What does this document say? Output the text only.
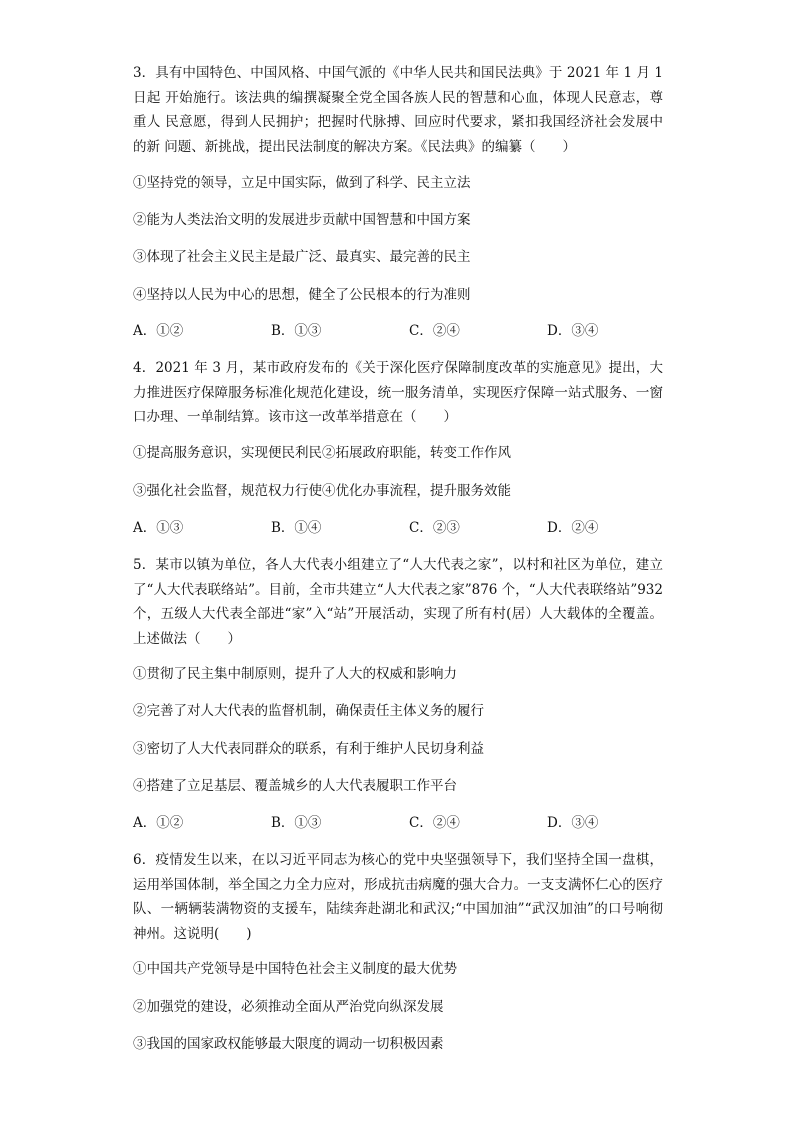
3．具有中国特色、中国风格、中国气派的《中华人民共和国民法典》于 2021 年 1 月 1 日起 开始施行。该法典的编撰凝聚全党全国各族人民的智慧和心血，体现人民意志，尊重人 民意愿，得到人民拥护；把握时代脉搏、回应时代要求，紧扣我国经济社会发展中的新 问题、新挑战，提出民法制度的解决方案。《民法典》的编纂（　　）

①坚持党的领导，立足中国实际，做到了科学、民主立法
②能为人类法治文明的发展进步贡献中国智慧和中国方案
③体现了社会主义民主是最广泛、最真实、最完善的民主
④坚持以人民为中心的思想，健全了公民根本的行为准则
A．①②	B．①③	C．②④	D．③④

4．2021 年 3 月，某市政府发布的《关于深化医疗保障制度改革的实施意见》提出，大力推进医疗保障服务标准化规范化建设，统一服务清单，实现医疗保障一站式服务、一窗口办理、一单制结算。该市这一改革举措意在（　　）

①提高服务意识，实现便民利民②拓展政府职能，转变工作作风
③强化社会监督，规范权力行使④优化办事流程，提升服务效能
A．①③	B．①④	C．②③	D．②④

5．某市以镇为单位，各人大代表小组建立了“人大代表之家”，以村和社区为单位，建立了“人大代表联络站”。目前，全市共建立“人大代表之家”876 个，“人大代表联络站”932 个，五级人大代表全部进“家”入“站”开展活动，实现了所有村(居）人大载体的全覆盖。上述做法（　　）

①贯彻了民主集中制原则，提升了人大的权威和影响力
②完善了对人大代表的监督机制，确保责任主体义务的履行
③密切了人大代表同群众的联系，有利于维护人民切身利益
④搭建了立足基层、覆盖城乡的人大代表履职工作平台
A．①②	B．①③	C．②④	D．③④

6．疫情发生以来，在以习近平同志为核心的党中央坚强领导下，我们坚持全国一盘棋，运用举国体制，举全国之力全力应对，形成抗击病魔的强大合力。一支支满怀仁心的医疗队、一辆辆装满物资的支援车，陆续奔赴湖北和武汉;“中国加油”“武汉加油”的口号响彻神州。这说明(　　)

①中国共产党领导是中国特色社会主义制度的最大优势
②加强党的建设，必须推动全面从严治党向纵深发展
③我国的国家政权能够最大限度的调动一切积极因素
